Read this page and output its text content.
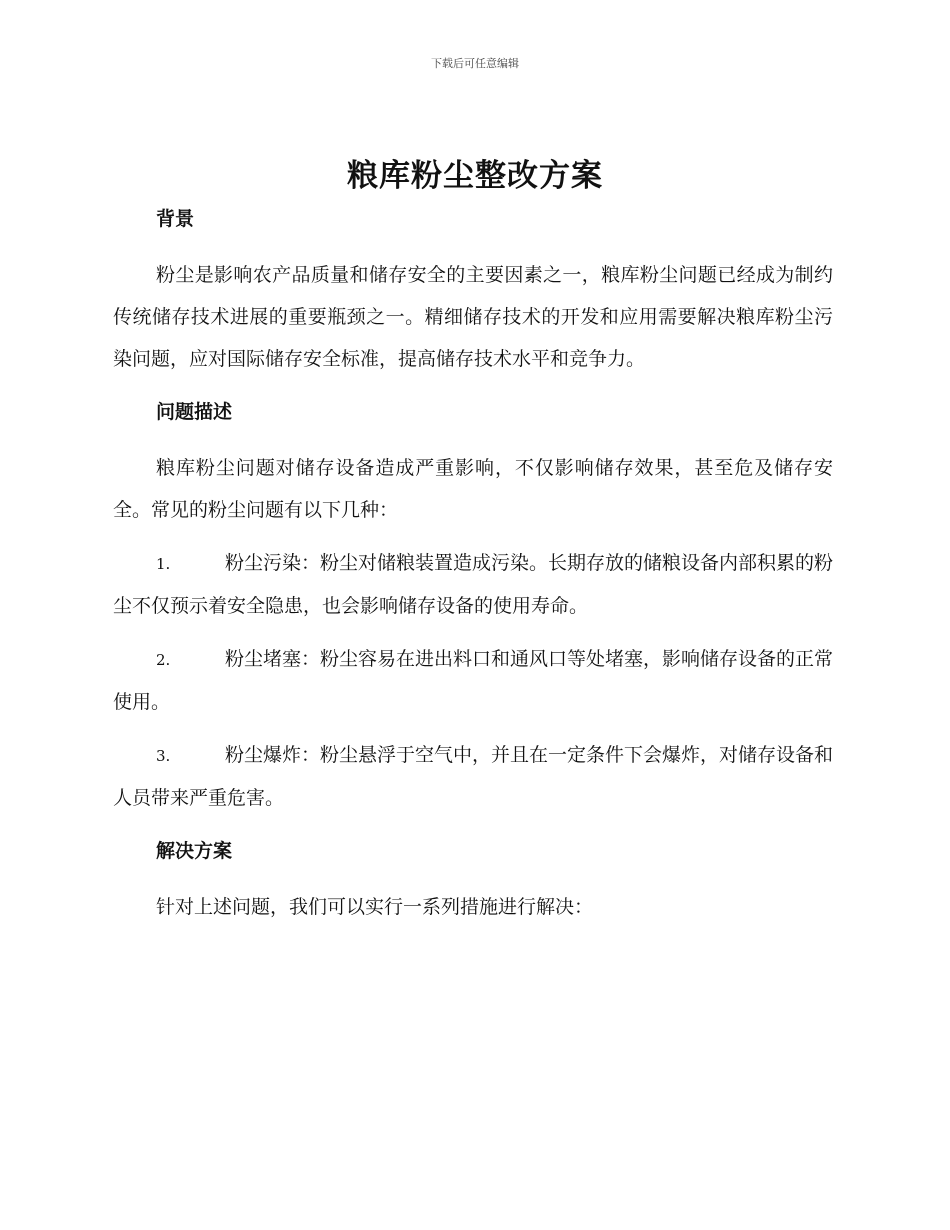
下载后可任意编辑
粮库粉尘整改方案
背景

粉尘是影响农产品质量和储存安全的主要因素之一，粮库粉尘问题已经成为制约传统储存技术进展的重要瓶颈之一。精细储存技术的开发和应用需要解决粮库粉尘污染问题，应对国际储存安全标准，提高储存技术水平和竞争力。

问题描述

粮库粉尘问题对储存设备造成严重影响，不仅影响储存效果，甚至危及储存安全。常见的粉尘问题有以下几种：

1.	粉尘污染：粉尘对储粮装置造成污染。长期存放的储粮设备内部积累的粉尘不仅预示着安全隐患，也会影响储存设备的使用寿命。

2.	粉尘堵塞：粉尘容易在进出料口和通风口等处堵塞，影响储存设备的正常使用。

3.	粉尘爆炸：粉尘悬浮于空气中，并且在一定条件下会爆炸，对储存设备和人员带来严重危害。

解决方案

针对上述问题，我们可以实行一系列措施进行解决：
